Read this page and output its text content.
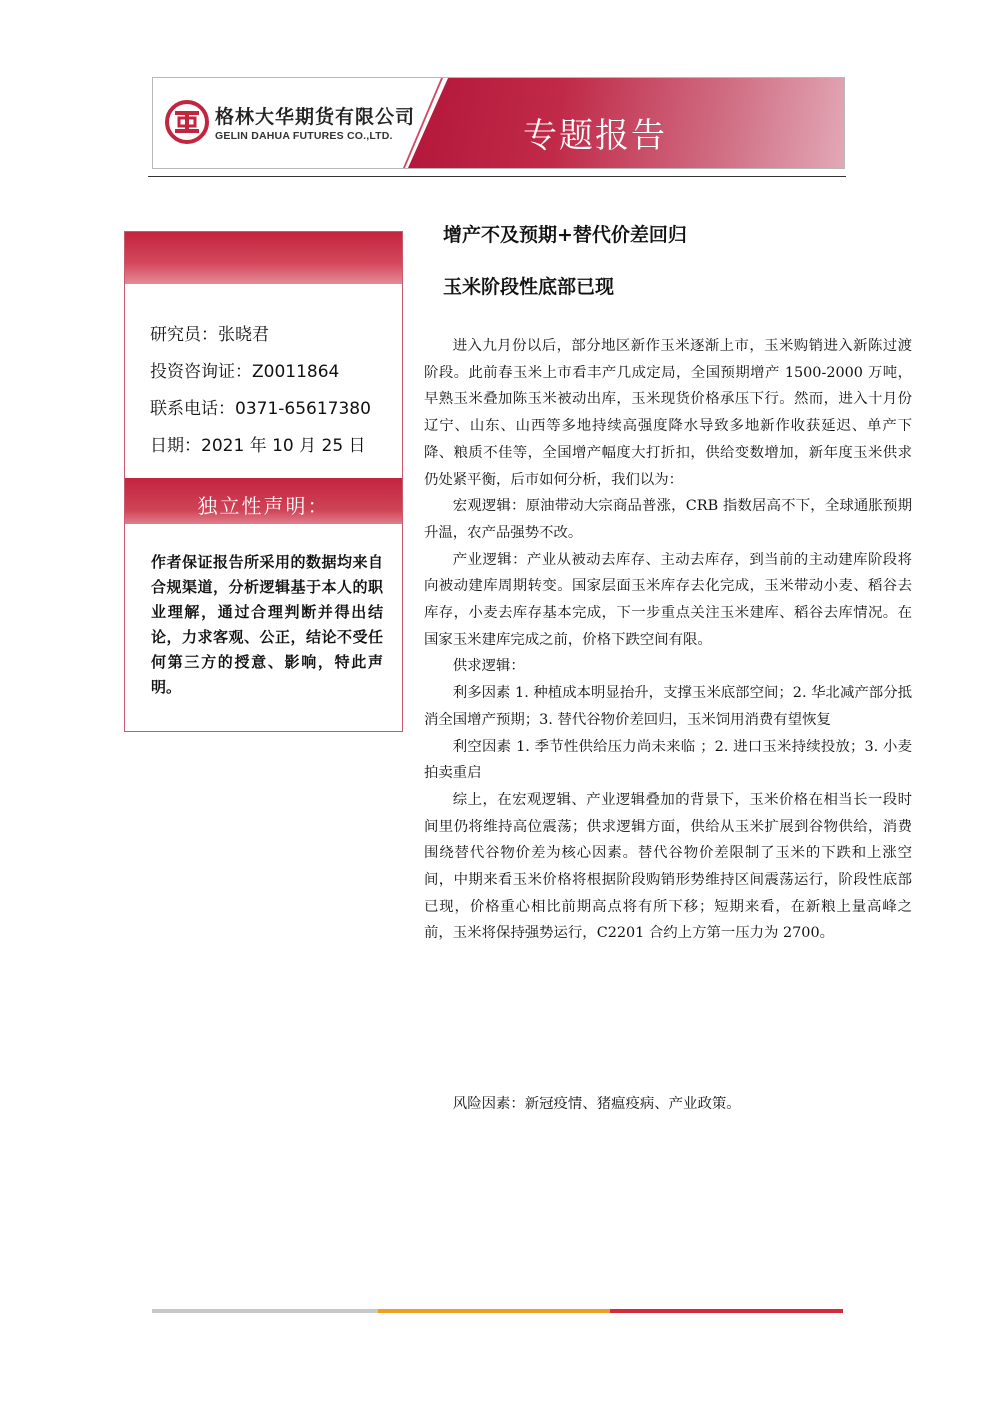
格林大华期货有限公司
GELIN DAHUA FUTURES CO.,LTD.	专题报告
研究员：张晓君
投资咨询证：Z0011864
联系电话：0371-65617380
日期：2021 年 10 月 25 日
独立性声明：
作者保证报告所采用的数据均来自合规渠道，分析逻辑基于本人的职业理解，通过合理判断并得出结论，力求客观、公正，结论不受任何第三方的授意、影响，特此声明。
增产不及预期+替代价差回归
玉米阶段性底部已现

进入九月份以后，部分地区新作玉米逐渐上市，玉米购销进入新陈过渡阶段。此前春玉米上市看丰产几成定局，全国预期增产 1500-2000 万吨，早熟玉米叠加陈玉米被动出库，玉米现货价格承压下行。然而，进入十月份辽宁、山东、山西等多地持续高强度降水导致多地新作收获延迟、单产下降、粮质不佳等，全国增产幅度大打折扣，供给变数增加，新年度玉米供求仍处紧平衡，后市如何分析，我们以为：

宏观逻辑：原油带动大宗商品普涨，CRB 指数居高不下，全球通胀预期升温，农产品强势不改。

产业逻辑：产业从被动去库存、主动去库存，到当前的主动建库阶段将向被动建库周期转变。国家层面玉米库存去化完成，玉米带动小麦、稻谷去库存，小麦去库存基本完成，下一步重点关注玉米建库、稻谷去库情况。在国家玉米建库完成之前，价格下跌空间有限。

供求逻辑：

利多因素 1. 种植成本明显抬升，支撑玉米底部空间；2. 华北减产部分抵消全国增产预期；3. 替代谷物价差回归，玉米饲用消费有望恢复

利空因素 1. 季节性供给压力尚未来临 ；2. 进口玉米持续投放；3. 小麦拍卖重启

综上，在宏观逻辑、产业逻辑叠加的背景下，玉米价格在相当长一段时间里仍将维持高位震荡；供求逻辑方面，供给从玉米扩展到谷物供给，消费围绕替代谷物价差为核心因素。替代谷物价差限制了玉米的下跌和上涨空间，中期来看玉米价格将根据阶段购销形势维持区间震荡运行，阶段性底部已现，价格重心相比前期高点将有所下移；短期来看，在新粮上量高峰之前，玉米将保持强势运行，C2201 合约上方第一压力为 2700。

风险因素：新冠疫情、猪瘟疫病、产业政策。
